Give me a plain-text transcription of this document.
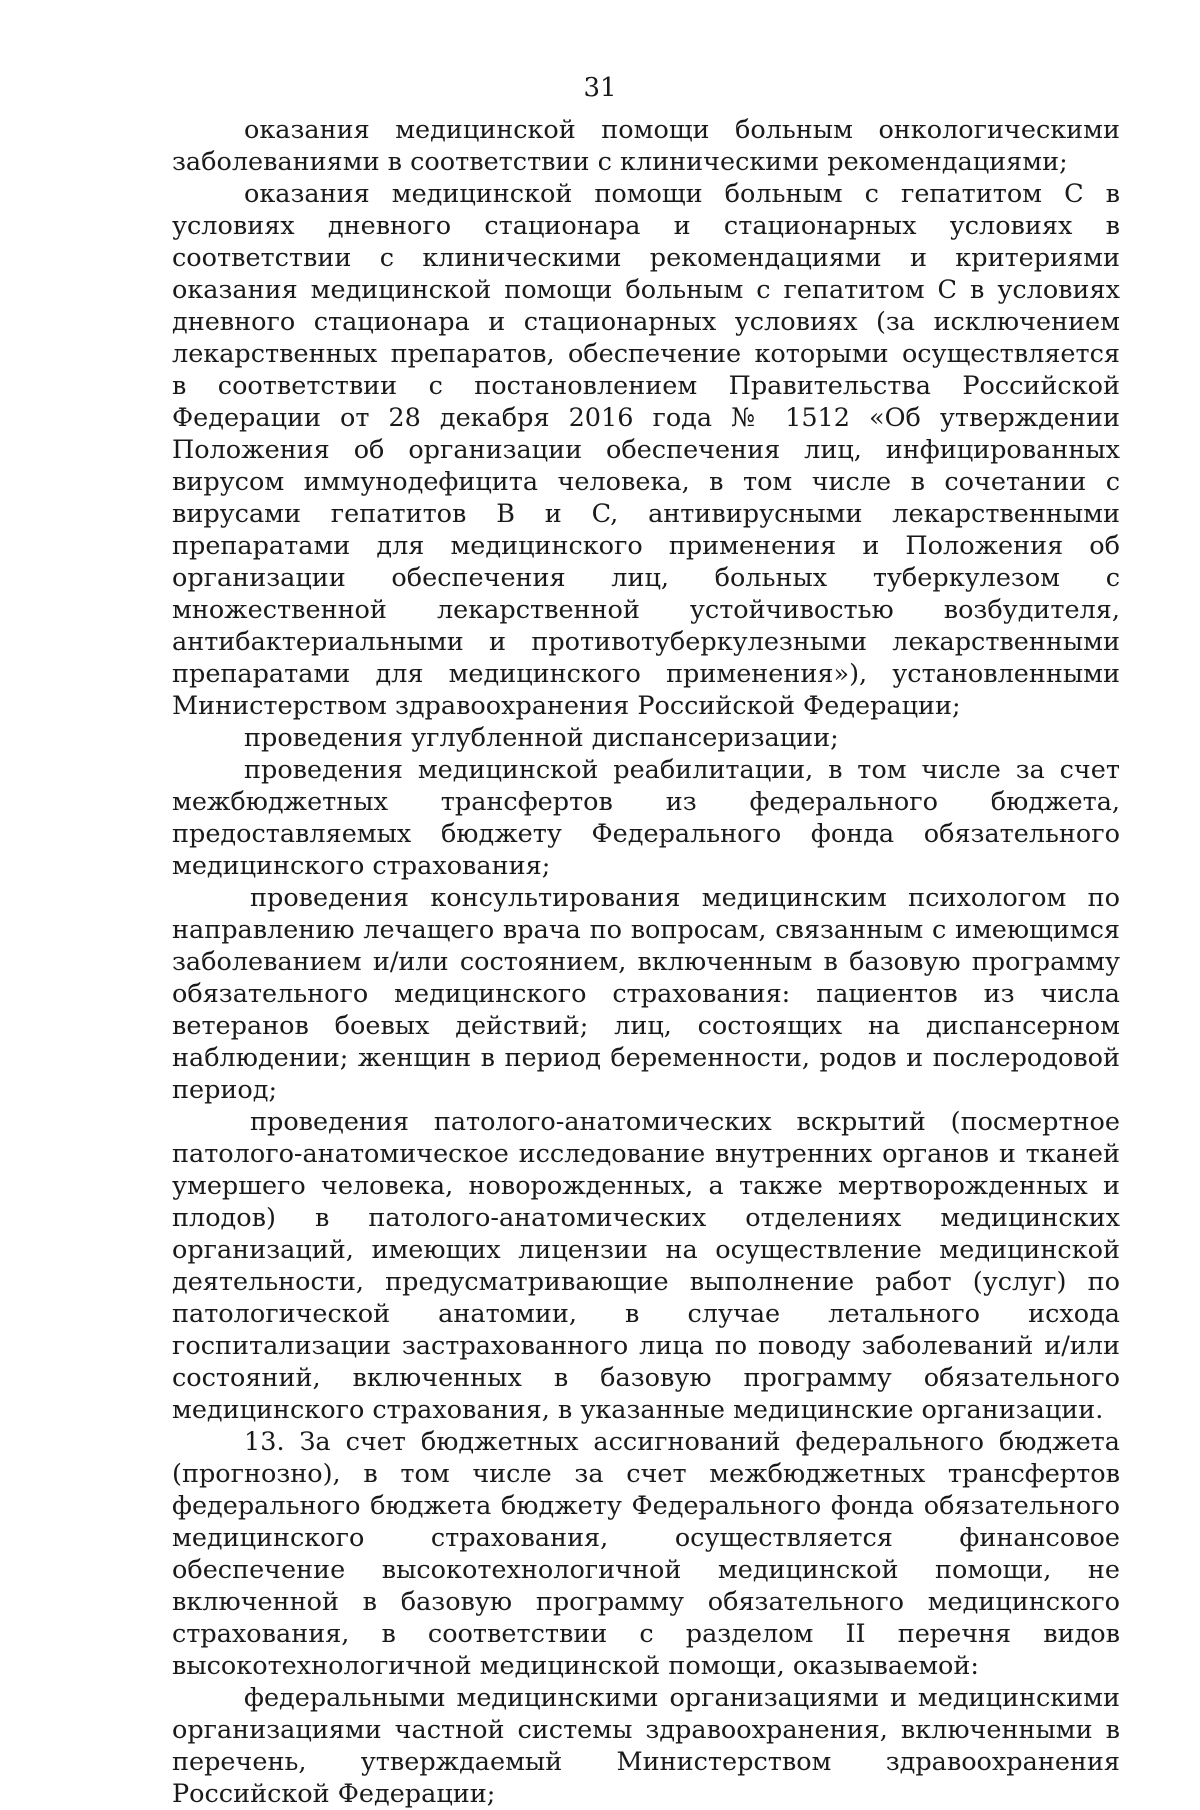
31

оказания медицинской помощи больным онкологическими заболеваниями в соответствии с клиническими рекомендациями;

оказания медицинской помощи больным с гепатитом C в условиях дневного стационара и стационарных условиях в соответствии с клиническими рекомендациями и критериями оказания медицинской помощи больным с гепатитом C в условиях дневного стационара и стационарных условиях (за исключением лекарственных препаратов, обеспечение которыми осуществляется в соответствии с постановлением Правительства Российской Федерации от 28 декабря 2016 года № 1512 «Об утверждении Положения об организации обеспечения лиц, инфицированных вирусом иммунодефицита человека, в том числе в сочетании с вирусами гепатитов B и C, антивирусными лекарственными препаратами для медицинского применения и Положения об организации обеспечения лиц, больных туберкулезом с множественной лекарственной устойчивостью возбудителя, антибактериальными и противотуберкулезными лекарственными препаратами для медицинского применения»), установленными Министерством здравоохранения Российской Федерации;

проведения углубленной диспансеризации;

проведения медицинской реабилитации, в том числе за счет межбюджетных трансфертов из федерального бюджета, предоставляемых бюджету Федерального фонда обязательного медицинского страхования;

проведения консультирования медицинским психологом по направлению лечащего врача по вопросам, связанным с имеющимся заболеванием и/или состоянием, включенным в базовую программу обязательного медицинского страхования: пациентов из числа ветеранов боевых действий; лиц, состоящих на диспансерном наблюдении; женщин в период беременности, родов и послеродовой период;

проведения патолого-анатомических вскрытий (посмертное патолого-анатомическое исследование внутренних органов и тканей умершего человека, новорожденных, а также мертворожденных и плодов) в патолого-анатомических отделениях медицинских организаций, имеющих лицензии на осуществление медицинской деятельности, предусматривающие выполнение работ (услуг) по патологической анатомии, в случае летального исхода госпитализации застрахованного лица по поводу заболеваний и/или состояний, включенных в базовую программу обязательного медицинского страхования, в указанные медицинские организации.

13. За счет бюджетных ассигнований федерального бюджета (прогнозно), в том числе за счет межбюджетных трансфертов федерального бюджета бюджету Федерального фонда обязательного медицинского страхования, осуществляется финансовое обеспечение высокотехнологичной медицинской помощи, не включенной в базовую программу обязательного медицинского страхования, в соответствии с разделом II перечня видов высокотехнологичной медицинской помощи, оказываемой:

федеральными медицинскими организациями и медицинскими организациями частной системы здравоохранения, включенными в перечень, утверждаемый Министерством здравоохранения Российской Федерации;
